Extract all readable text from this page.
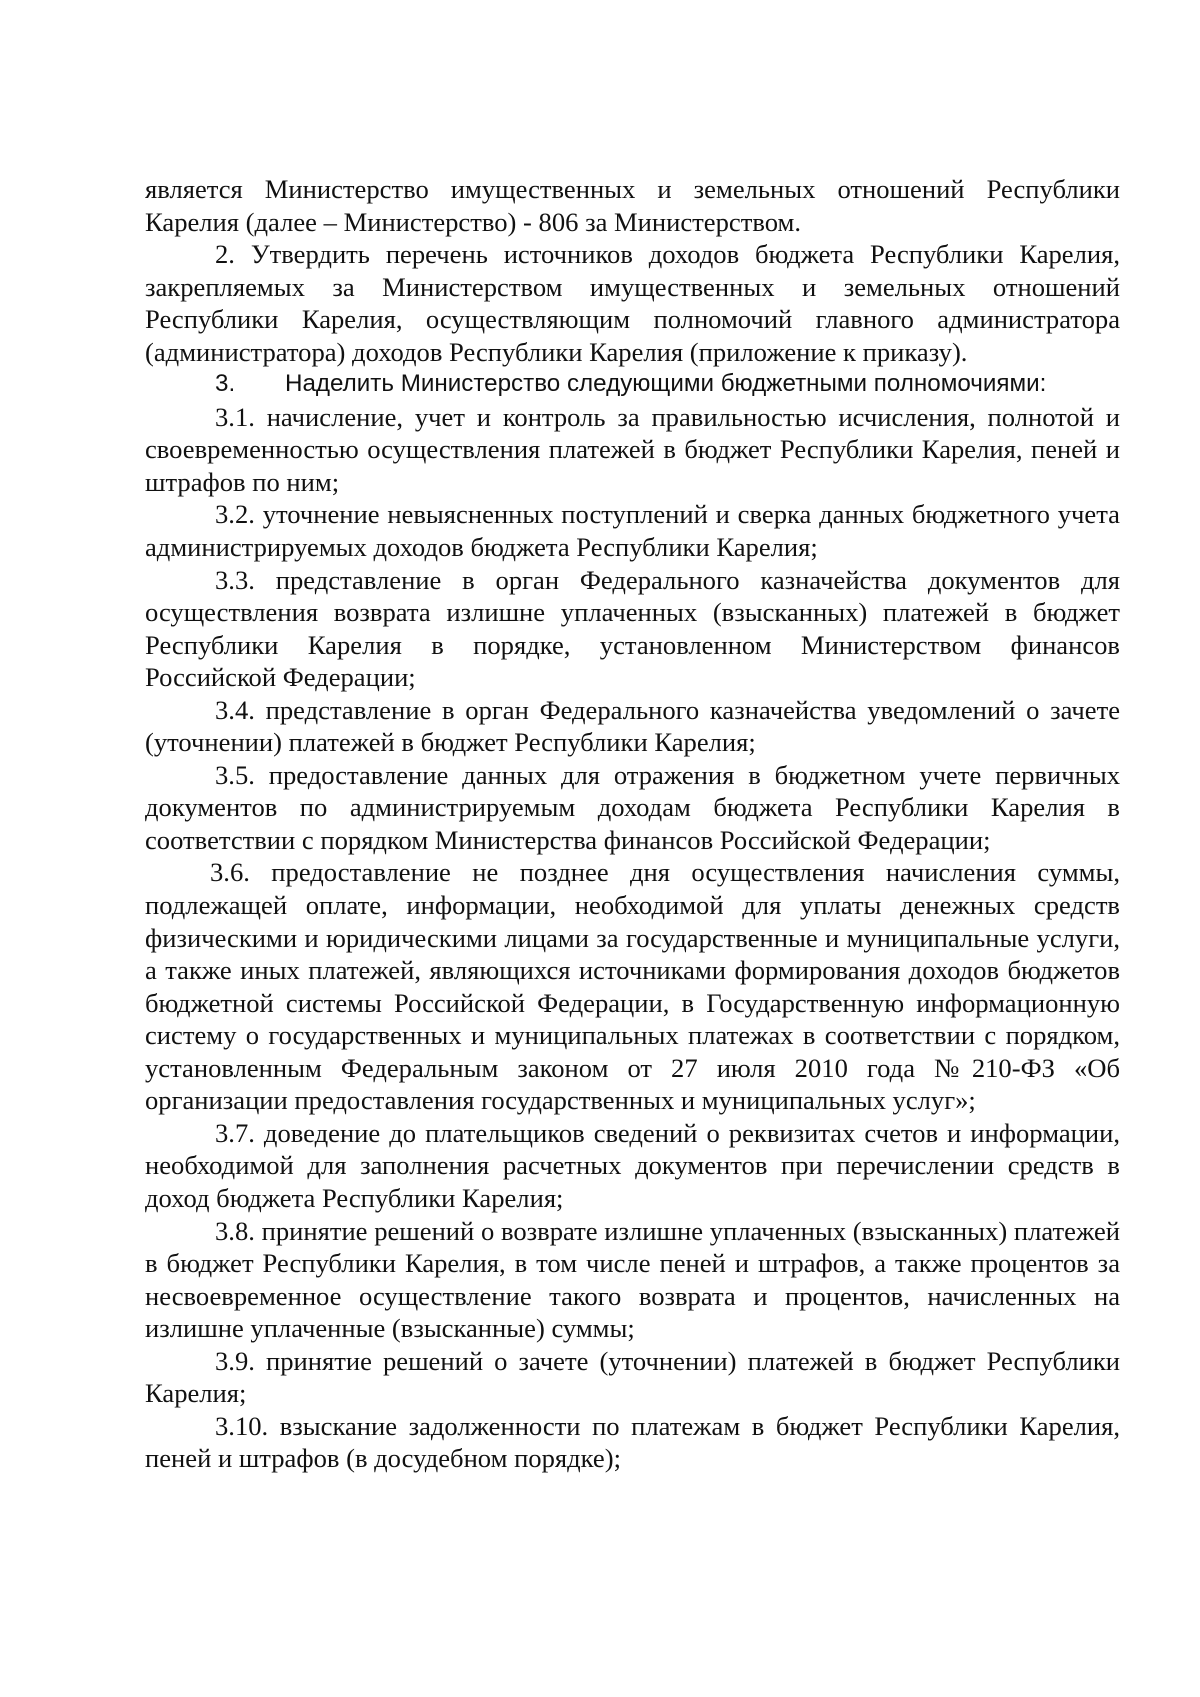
является Министерство имущественных и земельных отношений Республики Карелия (далее – Министерство) - 806 за Министерством.

2. Утвердить перечень источников доходов бюджета Республики Карелия, закрепляемых за Министерством имущественных и земельных отношений Республики Карелия, осуществляющим полномочий главного администратора (администратора) доходов Республики Карелия (приложение к приказу).

3. Наделить Министерство следующими бюджетными полномочиями:

3.1. начисление, учет и контроль за правильностью исчисления, полнотой и своевременностью осуществления платежей в бюджет Республики Карелия, пеней и штрафов по ним;

3.2. уточнение невыясненных поступлений и сверка данных бюджетного учета администрируемых доходов бюджета Республики Карелия;

3.3. представление в орган Федерального казначейства документов для осуществления возврата излишне уплаченных (взысканных) платежей в бюджет Республики Карелия в порядке, установленном Министерством финансов Российской Федерации;

3.4. представление в орган Федерального казначейства уведомлений о зачете (уточнении) платежей в бюджет Республики Карелия;

3.5. предоставление данных для отражения в бюджетном учете первичных документов по администрируемым доходам бюджета Республики Карелия в соответствии с порядком Министерства финансов Российской Федерации;

3.6. предоставление не позднее дня осуществления начисления суммы, подлежащей оплате, информации, необходимой для уплаты денежных средств физическими и юридическими лицами за государственные и муниципальные услуги, а также иных платежей, являющихся источниками формирования доходов бюджетов бюджетной системы Российской Федерации, в Государственную информационную систему о государственных и муниципальных платежах в соответствии с порядком, установленным Федеральным законом от 27 июля 2010 года №210-ФЗ «Об организации предоставления государственных и муниципальных услуг»;

3.7. доведение до плательщиков сведений о реквизитах счетов и информации, необходимой для заполнения расчетных документов при перечислении средств в доход бюджета Республики Карелия;

3.8. принятие решений о возврате излишне уплаченных (взысканных) платежей в бюджет Республики Карелия, в том числе пеней и штрафов, а также процентов за несвоевременное осуществление такого возврата и процентов, начисленных на излишне уплаченные (взысканные) суммы;

3.9. принятие решений о зачете (уточнении) платежей в бюджет Республики Карелия;

3.10. взыскание задолженности по платежам в бюджет Республики Карелия, пеней и штрафов (в досудебном порядке);
